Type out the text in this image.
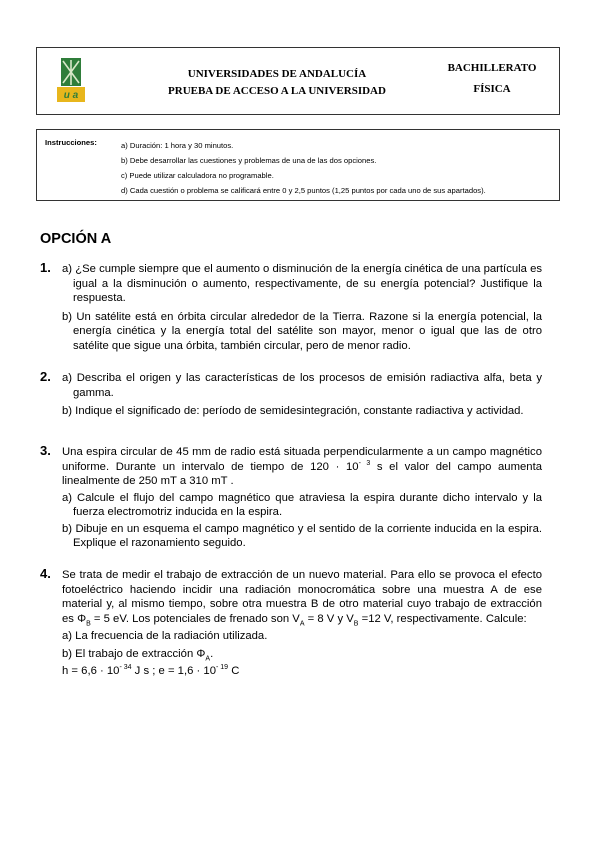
u a
UNIVERSIDADES DE ANDALUCÍA
PRUEBA DE ACCESO A LA UNIVERSIDAD
BACHILLERATO
FÍSICA
Instrucciones:	a) Duración: 1 hora y 30 minutos.
b) Debe desarrollar las cuestiones y problemas de una de las dos opciones.
c) Puede utilizar calculadora no programable.
d) Cada cuestión o problema se calificará entre 0 y 2,5 puntos (1,25 puntos por cada uno de sus apartados).
OPCIÓN A
1. a) ¿Se cumple siempre que el aumento o disminución de la energía cinética de una partícula es igual a la disminución o aumento, respectivamente, de su energía potencial? Justifique la respuesta.
b) Un satélite está en órbita circular alrededor de la Tierra. Razone si la energía potencial, la energía cinética y la energía total del satélite son mayor, menor o igual que las de otro satélite que sigue una órbita, también circular, pero de menor radio.
2. a) Describa el origen y las características de los procesos de emisión radiactiva alfa, beta y gamma.
b) Indique el significado de: período de semidesintegración, constante radiactiva y actividad.
3. Una espira circular de 45 mm de radio está situada perpendicularmente a un campo magnético uniforme. Durante un intervalo de tiempo de $120 \cdot 10^{- 3}$ s el valor del campo aumenta linealmente de 250 mT a 310 mT .
a) Calcule el flujo del campo magnético que atraviesa la espira durante dicho intervalo y la fuerza electromotriz inducida en la espira.
b) Dibuje en un esquema el campo magnético y el sentido de la corriente inducida en la espira. Explique el razonamiento seguido.
4. Se trata de medir el trabajo de extracción de un nuevo material. Para ello se provoca el efecto fotoeléctrico haciendo incidir una radiación monocromática sobre una muestra A de ese material y, al mismo tiempo, sobre otra muestra B de otro material cuyo trabajo de extracción es $\Phi_B = 5$ eV. Los potenciales de frenado son $V_A = 8$ V y $V_B =12$ V, respectivamente. Calcule:
a) La frecuencia de la radiación utilizada.
b) El trabajo de extracción $\Phi_A$.
$h = 6,6 \cdot 10^{- 34}$ J s ; $e = 1,6 \cdot 10^{- 19}$ C
